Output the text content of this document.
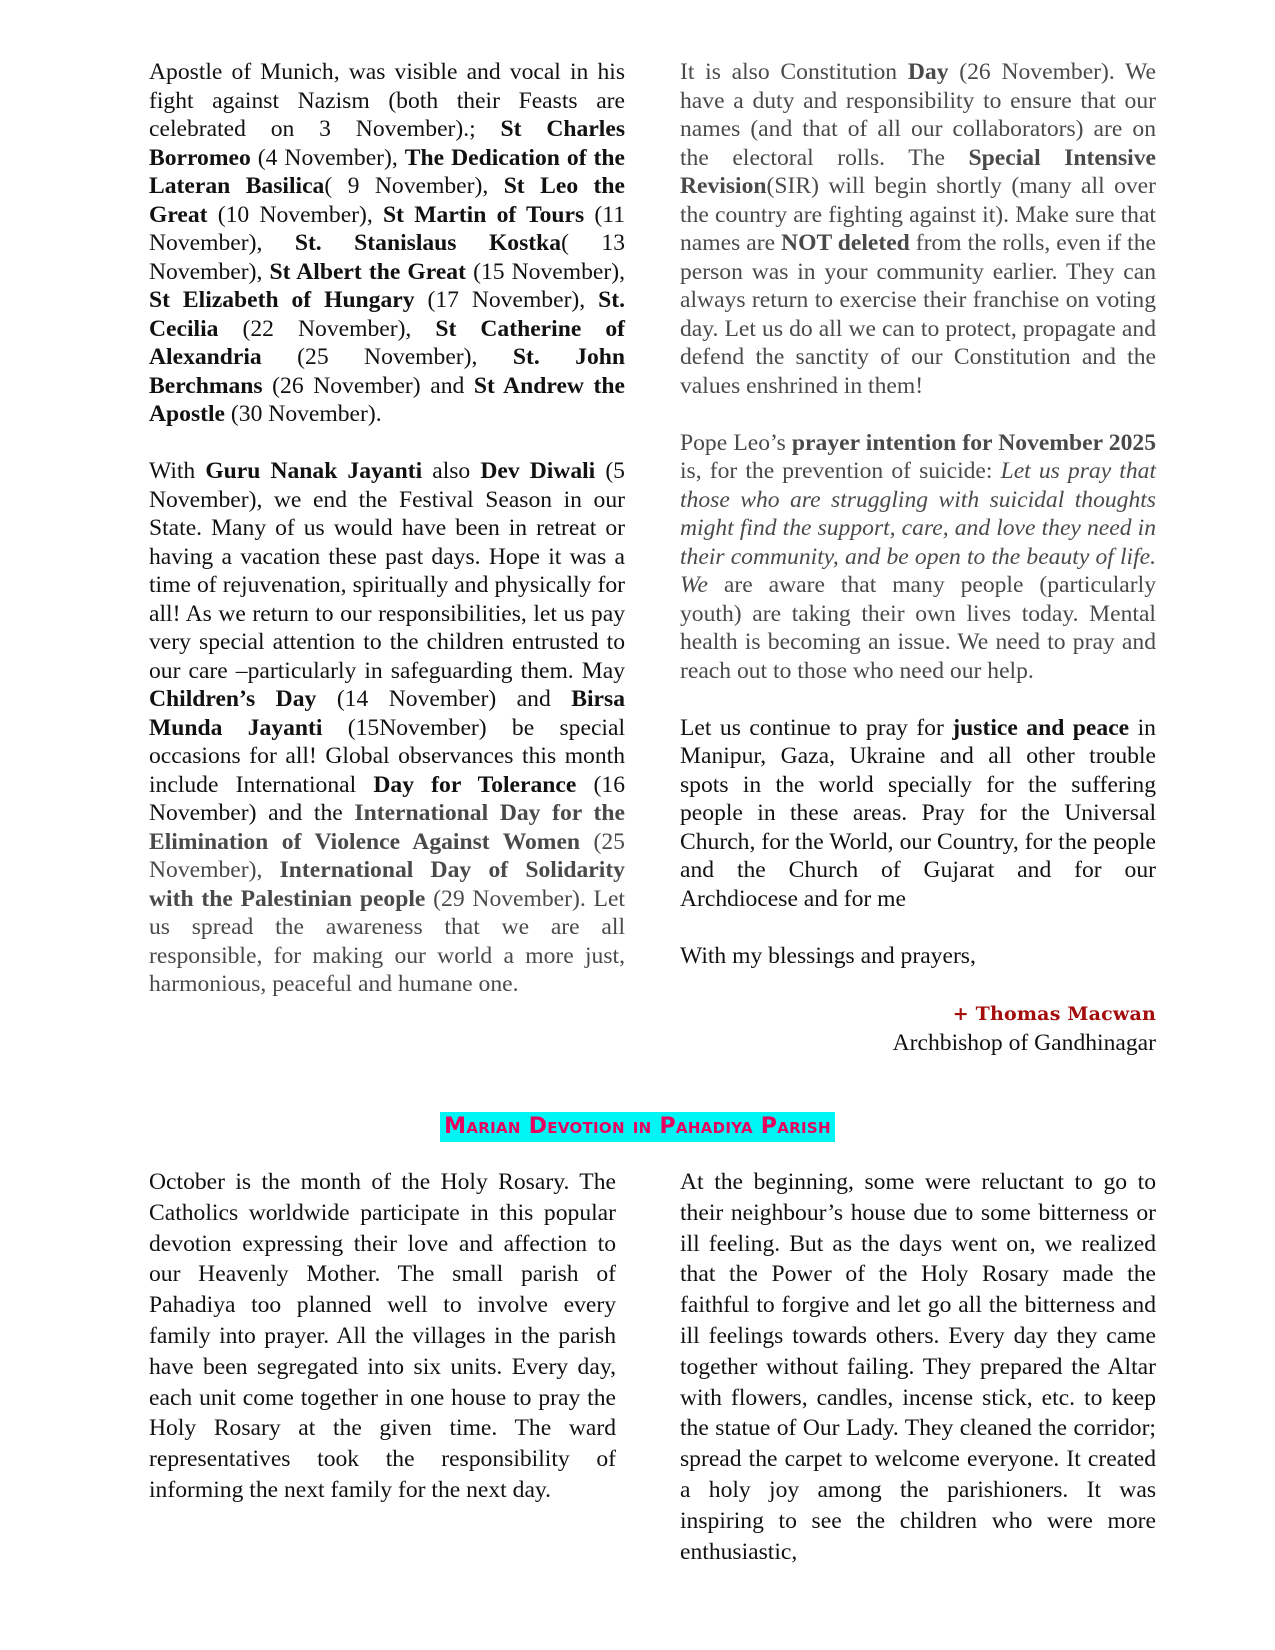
Apostle of Munich, was visible and vocal in his fight against Nazism (both their Feasts are celebrated on 3 November).; St Charles Borromeo (4 November), The Dedication of the Lateran Basilica( 9 November), St Leo the Great (10 November), St Martin of Tours (11 November), St. Stanislaus Kostka( 13 November), St Albert the Great (15 November), St Elizabeth of Hungary (17 November), St. Cecilia (22 November), St Catherine of Alexandria (25 November), St. John Berchmans (26 November) and St Andrew the Apostle (30 November).

With Guru Nanak Jayanti also Dev Diwali (5 November), we end the Festival Season in our State. Many of us would have been in retreat or having a vacation these past days. Hope it was a time of rejuvenation, spiritually and physically for all! As we return to our responsibilities, let us pay very special attention to the children entrusted to our care –particularly in safeguarding them. May Children’s Day (14 November) and Birsa Munda Jayanti (15November) be special occasions for all! Global observances this month include International Day for Tolerance (16 November) and the International Day for the Elimination of Violence Against Women (25 November), International Day of Solidarity with the Palestinian people (29 November). Let us spread the awareness that we are all responsible, for making our world a more just, harmonious, peaceful and humane one.

It is also Constitution Day (26 November). We have a duty and responsibility to ensure that our names (and that of all our collaborators) are on the electoral rolls. The Special Intensive Revision(SIR) will begin shortly (many all over the country are fighting against it). Make sure that names are NOT deleted from the rolls, even if the person was in your community earlier. They can always return to exercise their franchise on voting day. Let us do all we can to protect, propagate and defend the sanctity of our Constitution and the values enshrined in them!

Pope Leo’s prayer intention for November 2025 is, for the prevention of suicide: Let us pray that those who are struggling with suicidal thoughts might find the support, care, and love they need in their community, and be open to the beauty of life. We are aware that many people (particularly youth) are taking their own lives today. Mental health is becoming an issue. We need to pray and reach out to those who need our help.

Let us continue to pray for justice and peace in Manipur, Gaza, Ukraine and all other trouble spots in the world specially for the suffering people in these areas. Pray for the Universal Church, for the World, our Country, for the people and the Church of Gujarat and for our Archdiocese and for me

With my blessings and prayers,

+ Thomas Macwan
Archbishop of Gandhinagar
Marian Devotion in Pahadiya Parish

October is the month of the Holy Rosary. The Catholics worldwide participate in this popular devotion expressing their love and affection to our Heavenly Mother. The small parish of Pahadiya too planned well to involve every family into prayer. All the villages in the parish have been segregated into six units. Every day, each unit come together in one house to pray the Holy Rosary at the given time. The ward representatives took the responsibility of informing the next family for the next day.

At the beginning, some were reluctant to go to their neighbour’s house due to some bitterness or ill feeling. But as the days went on, we realized that the Power of the Holy Rosary made the faithful to forgive and let go all the bitterness and ill feelings towards others. Every day they came together without failing. They prepared the Altar with flowers, candles, incense stick, etc. to keep the statue of Our Lady. They cleaned the corridor; spread the carpet to welcome everyone. It created a holy joy among the parishioners. It was inspiring to see the children who were more enthusiastic,
